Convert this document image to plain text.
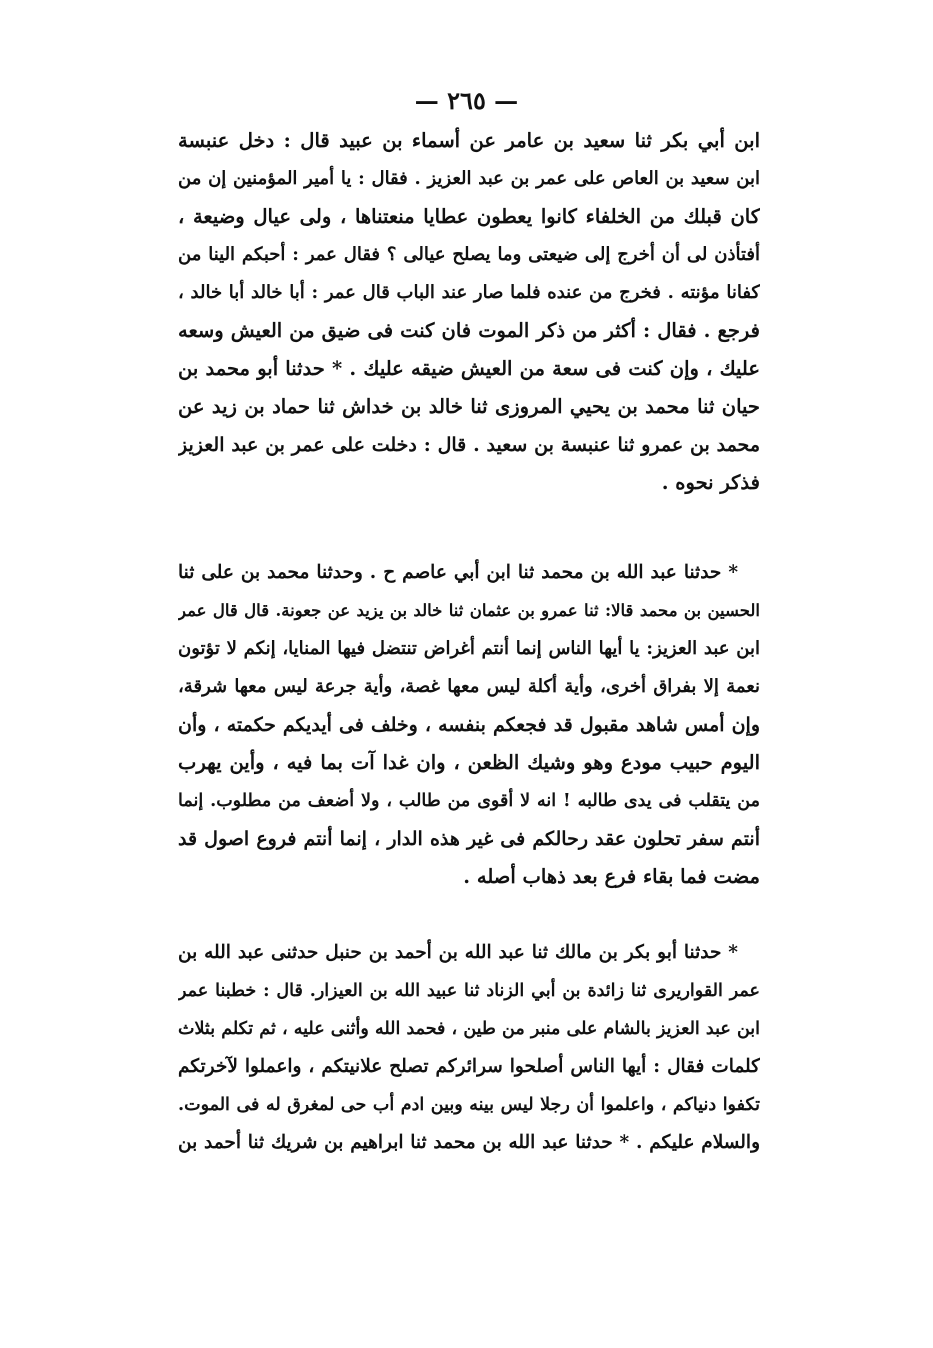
— ٢٦٥ —
ابن أبي بكر ثنا سعيد بن عامر عن أسماء بن عبيد قال : دخل عنبسة
ابن سعيد بن العاص على عمر بن عبد العزيز . فقال : يا أمير المؤمنين إن من
كان قبلك من الخلفاء كانوا يعطون عطايا منعتناها ، ولى عيال وضيعة ،
أفتأذن لى أن أخرج إلى ضيعتى وما يصلح عيالى ؟ فقال عمر : أحبكم الينا من
كفانا مؤنته . فخرج من عنده فلما صار عند الباب قال عمر : أبا خالد أبا خالد ،
فرجع . فقال : أكثر من ذكر الموت فان كنت فى ضيق من العيش وسعه
عليك ، وإن كنت فى سعة من العيش ضيقه عليك . * حدثنا أبو محمد بن
حيان ثنا محمد بن يحيي المروزى ثنا خالد بن خداش ثنا حماد بن زيد عن
محمد بن عمرو ثنا عنبسة بن سعيد . قال : دخلت على عمر بن عبد العزيز
فذكر نحوه .
* حدثنا عبد الله بن محمد ثنا ابن أبي عاصم ح . وحدثنا محمد بن على ثنا
الحسين بن محمد قالا: ثنا عمرو بن عثمان ثنا خالد بن يزيد عن جعونة. قال قال عمر
ابن عبد العزيز: يا أيها الناس إنما أنتم أغراض تنتضل فيها المنايا، إنكم لا تؤتون
نعمة إلا بفراق أخرى، وأية أكلة ليس معها غصة، وأية جرعة ليس معها شرقة،
وإن أمس شاهد مقبول قد فجعكم بنفسه ، وخلف فى أيديكم حكمته ، وأن
اليوم حبيب مودع وهو وشيك الظعن ، وان غدا آت بما فيه ، وأين يهرب
من يتقلب فى يدى طالبه ! انه لا أقوى من طالب ، ولا أضعف من مطلوب. إنما
أنتم سفر تحلون عقد رحالكم فى غير هذه الدار ، إنما أنتم فروع اصول قد
مضت فما بقاء فرع بعد ذهاب أصله .
* حدثنا أبو بكر بن مالك ثنا عبد الله بن أحمد بن حنبل حدثنى عبد الله بن
عمر القواريرى ثنا زائدة بن أبي الزناد ثنا عبيد الله بن العيزار. قال : خطبنا عمر
ابن عبد العزيز بالشام على منبر من طين ، فحمد الله وأثنى عليه ، ثم تكلم بثلاث
كلمات فقال : أيها الناس أصلحوا سرائركم تصلح علانيتكم ، واعملوا لآخرتكم
تكفوا دنياكم ، واعلموا أن رجلا ليس بينه وبين ادم أب حى لمغرق له فى الموت.
والسلام عليكم . * حدثنا عبد الله بن محمد ثنا ابراهيم بن شريك ثنا أحمد بن
